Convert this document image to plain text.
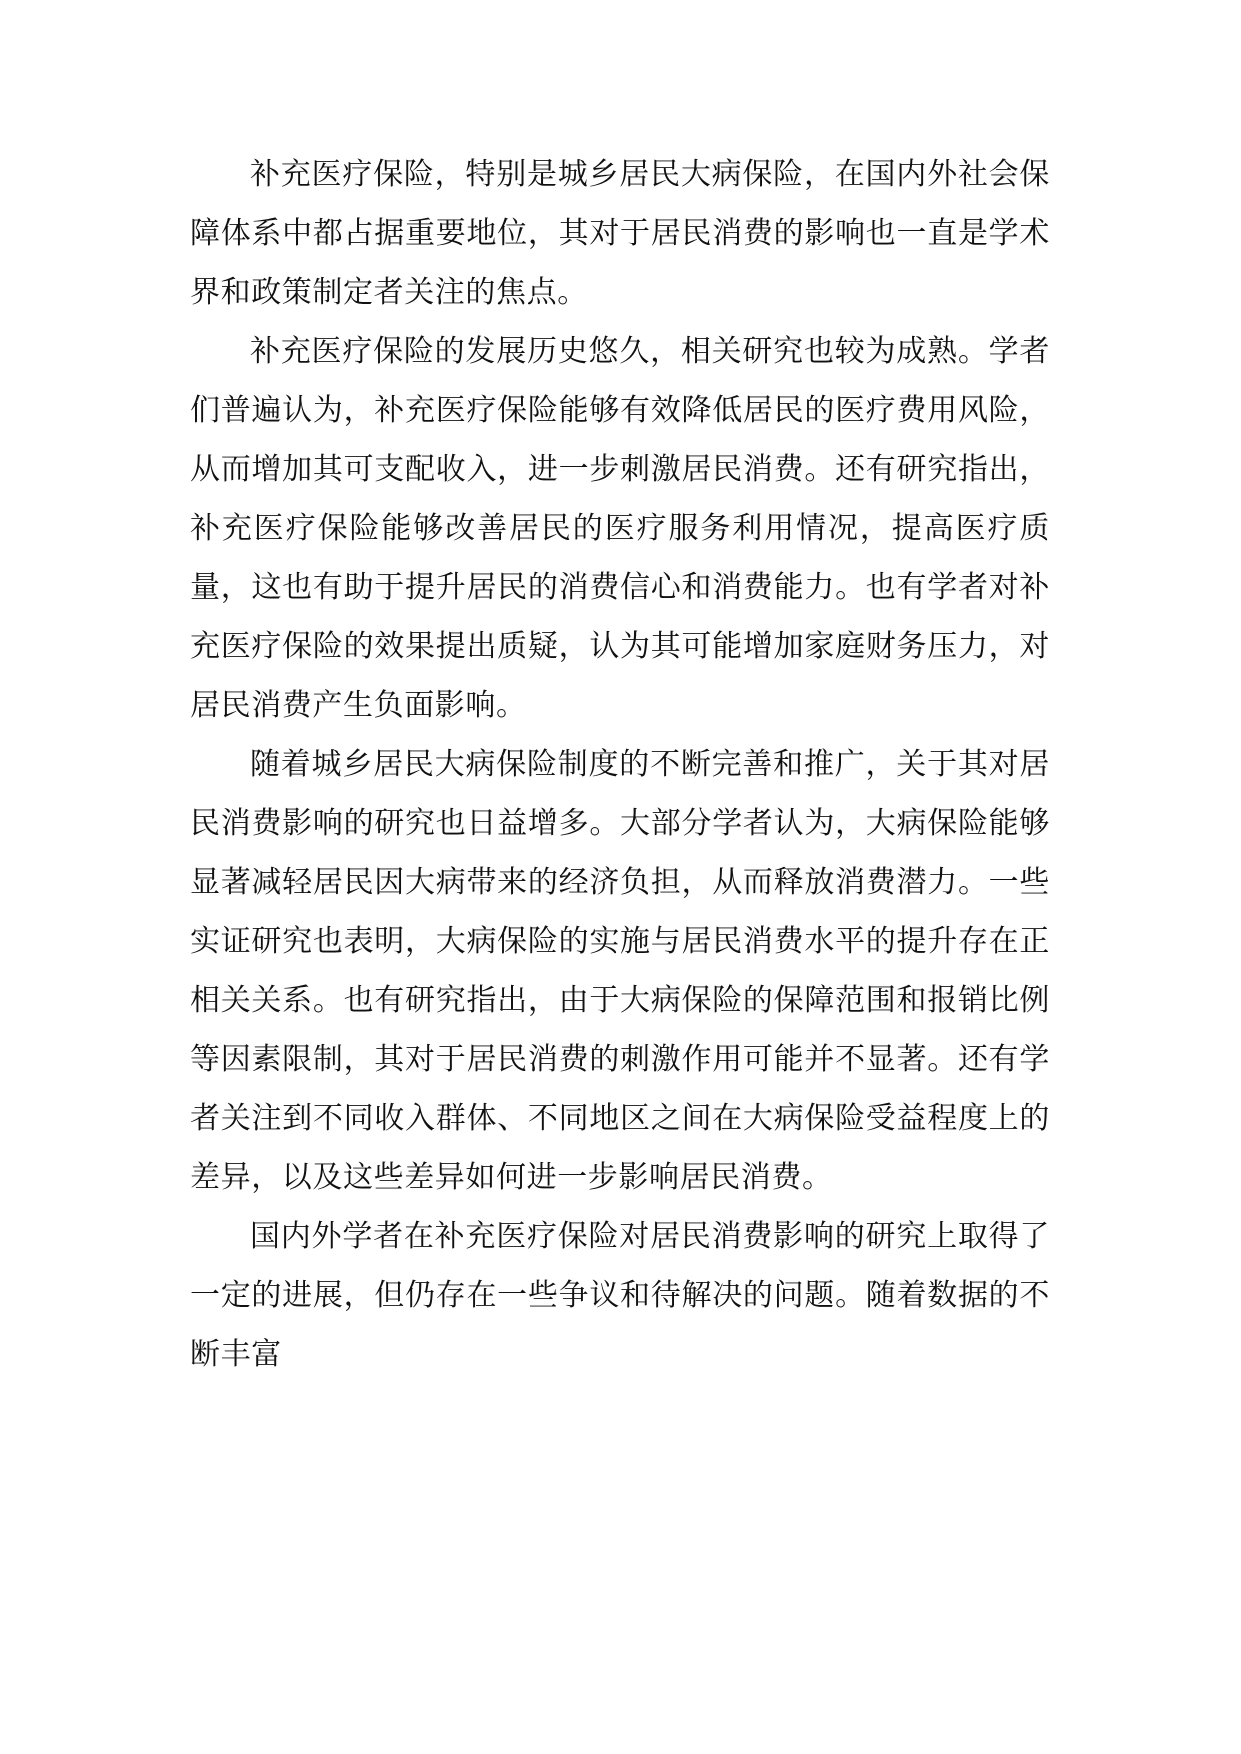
补充医疗保险，特别是城乡居民大病保险，在国内外社会保障体系中都占据重要地位，其对于居民消费的影响也一直是学术界和政策制定者关注的焦点。

补充医疗保险的发展历史悠久，相关研究也较为成熟。学者们普遍认为，补充医疗保险能够有效降低居民的医疗费用风险，从而增加其可支配收入，进一步刺激居民消费。还有研究指出，补充医疗保险能够改善居民的医疗服务利用情况，提高医疗质量，这也有助于提升居民的消费信心和消费能力。也有学者对补充医疗保险的效果提出质疑，认为其可能增加家庭财务压力，对居民消费产生负面影响。

随着城乡居民大病保险制度的不断完善和推广，关于其对居民消费影响的研究也日益增多。大部分学者认为，大病保险能够显著减轻居民因大病带来的经济负担，从而释放消费潜力。一些实证研究也表明，大病保险的实施与居民消费水平的提升存在正相关关系。也有研究指出，由于大病保险的保障范围和报销比例等因素限制，其对于居民消费的刺激作用可能并不显著。还有学者关注到不同收入群体、不同地区之间在大病保险受益程度上的差异，以及这些差异如何进一步影响居民消费。

国内外学者在补充医疗保险对居民消费影响的研究上取得了一定的进展，但仍存在一些争议和待解决的问题。随着数据的不断丰富
